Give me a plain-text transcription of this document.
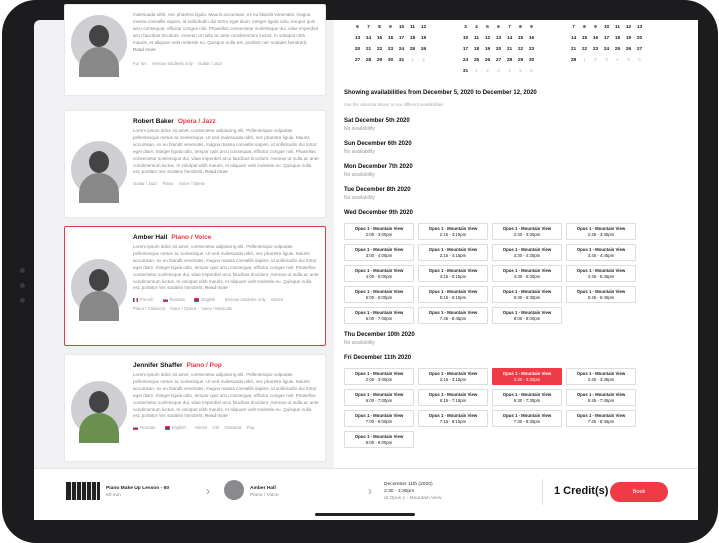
malesuada nibh, nec pharetra ligula. Mauris accumsan, ex eu blandit venenatis, magna massa convallis sapien, id sollicitudin dui tortor eget diam. Integer ligula odio, tempor quis arcu consequat, efficitur congue nisl. Phasellus consectetur scelerisque dui, vitae imperdiet arcu faucibus tincidunt. Aenean ut nulla ac ante condimentum luctus. In volutpat nibh mauris, et aliquam velit molestie eu. Quisque nulla est, porttitor nec sodales hendrerit, Read more
For fun Serious students only Guitar / Jazz
Robert Baker Opera / Jazz
Lorem ipsum dolor sit amet, consectetur adipiscing elit. Pellentesque vulputate pellentesque metus ac scelerisque. Ut sed malesuada nibh, nec pharetra ligula. Mauris accumsan, ex eu blandit venenatis, magna massa convallis sapien, id sollicitudin dui tortor eget diam. Integer ligula odio, tempor quis arcu consequat, efficitur congue nisl. Phasellus consectetur scelerisque dui, vitae imperdiet arcu faucibus tincidunt. Aenean ut nulla ac ante condimentum luctus. In volutpat nibh mauris, et aliquam velit molestie eu. Quisque nulla est, porttitor nec sodales hendrerit, Read more
Guitar / Jazz Piano Voice / Opera
Amber Hall Piano / Voice
Lorem ipsum dolor sit amet, consectetur adipiscing elit. Pellentesque vulputate pellentesque metus ac scelerisque. Ut sed malesuada nibh, nec pharetra ligula. Mauris accumsan, ex eu blandit venenatis, magna massa convallis sapien, id sollicitudin dui tortor eget diam. Integer ligula odio, tempor quis arcu consequat, efficitur congue nisl. Phasellus consectetur scelerisque dui, vitae imperdiet arcu faucibus tincidunt. Aenean ut nulla ac ante condimentum luctus. In volutpat nibh mauris, et aliquam velit molestie eu. Quisque nulla est, porttitor nec sodales hendrerit, Read more
French	Russian	English Serious students only Abrsm
Piano / Classical Voice / Opera Voice / Musicals
Jennifer Shaffer Piano / Pop
Lorem ipsum dolor sit amet, consectetur adipiscing elit. Pellentesque vulputate pellentesque metus ac scelerisque. Ut sed malesuada nibh, nec pharetra ligula. Mauris accumsan, ex eu blandit venenatis, magna massa convallis sapien, id sollicitudin dui tortor eget diam. Integer ligula odio, tempor quis arcu consequat, efficitur congue nisl. Phasellus consectetur scelerisque dui, vitae imperdiet arcu faucibus tincidunt. Aenean ut nulla ac ante condimentum luctus. In volutpat nibh mauris, et aliquam velit molestie eu. Quisque nulla est, porttitor nec sodales hendrerit, Read more
Russian	English Abrsm CM Classical Pop
6	7	8	9	10	11	12
13	14	15	16	17	18	19
20	21	22	23	24	25	26
27	28	29	30	31	1	2
3	4	5	6	7	8	9
10	11	12	13	14	15	16
17	18	19	20	21	22	23
24	25	26	27	28	29	30
31	1	2	3	4	5	6
7	8	9	10	11	12	13
14	15	16	17	18	19	20
21	22	23	24	25	26	27
28	1	2	3	4	5	6
Showing availabilities from December 5, 2020 to December 12, 2020
Use the calendar above to see different availabilities
Sat December 5th 2020
No availability
Sun December 6th 2020
No availability
Mon December 7th 2020
No availability
Tue December 8th 2020
No availability
Wed December 9th 2020
Opus 1 - Mountain View
2:00 - 3:00pm
Opus 1 - Mountain View
2:15 - 3:15pm
Opus 1 - Mountain View
2:30 - 3:30pm
Opus 1 - Mountain View
2:45 - 3:45pm
Opus 1 - Mountain View
3:00 - 4:00pm
Opus 1 - Mountain View
3:15 - 4:15pm
Opus 1 - Mountain View
3:30 - 4:30pm
Opus 1 - Mountain View
3:45 - 4:45pm
Opus 1 - Mountain View
4:00 - 5:00pm
Opus 1 - Mountain View
4:15 - 5:15pm
Opus 1 - Mountain View
4:30 - 5:30pm
Opus 1 - Mountain View
4:45 - 5:45pm
Opus 1 - Mountain View
5:00 - 6:00pm
Opus 1 - Mountain View
5:15 - 6:15pm
Opus 1 - Mountain View
5:30 - 6:30pm
Opus 1 - Mountain View
5:45 - 6:45pm
Opus 1 - Mountain View
6:00 - 7:00pm
Opus 1 - Mountain View
7:45 - 8:45pm
Opus 1 - Mountain View
8:00 - 9:00pm
Thu December 10th 2020
No availability
Fri December 11th 2020
Opus 1 - Mountain View
2:00 - 3:00pm
Opus 1 - Mountain View
2:15 - 3:15pm
Opus 1 - Mountain View
2:30 - 3:30pm
Opus 1 - Mountain View
2:45 - 3:45pm
Opus 1 - Mountain View
6:00 - 7:00pm
Opus 1 - Mountain View
6:15 - 7:15pm
Opus 1 - Mountain View
6:30 - 7:30pm
Opus 1 - Mountain View
6:45 - 7:45pm
Opus 1 - Mountain View
7:00 - 8:00pm
Opus 1 - Mountain View
7:15 - 8:15pm
Opus 1 - Mountain View
7:30 - 8:30pm
Opus 1 - Mountain View
7:45 - 8:45pm
Opus 1 - Mountain View
8:00 - 9:00pm
Piano Make Up Lesson - 60
60 min	›	Amber Hall
Piano / Voice	› December 11th (2020)
2:30 - 3:30pm
at Opus 1 - Mountain View
1 Credit(s)	Book
